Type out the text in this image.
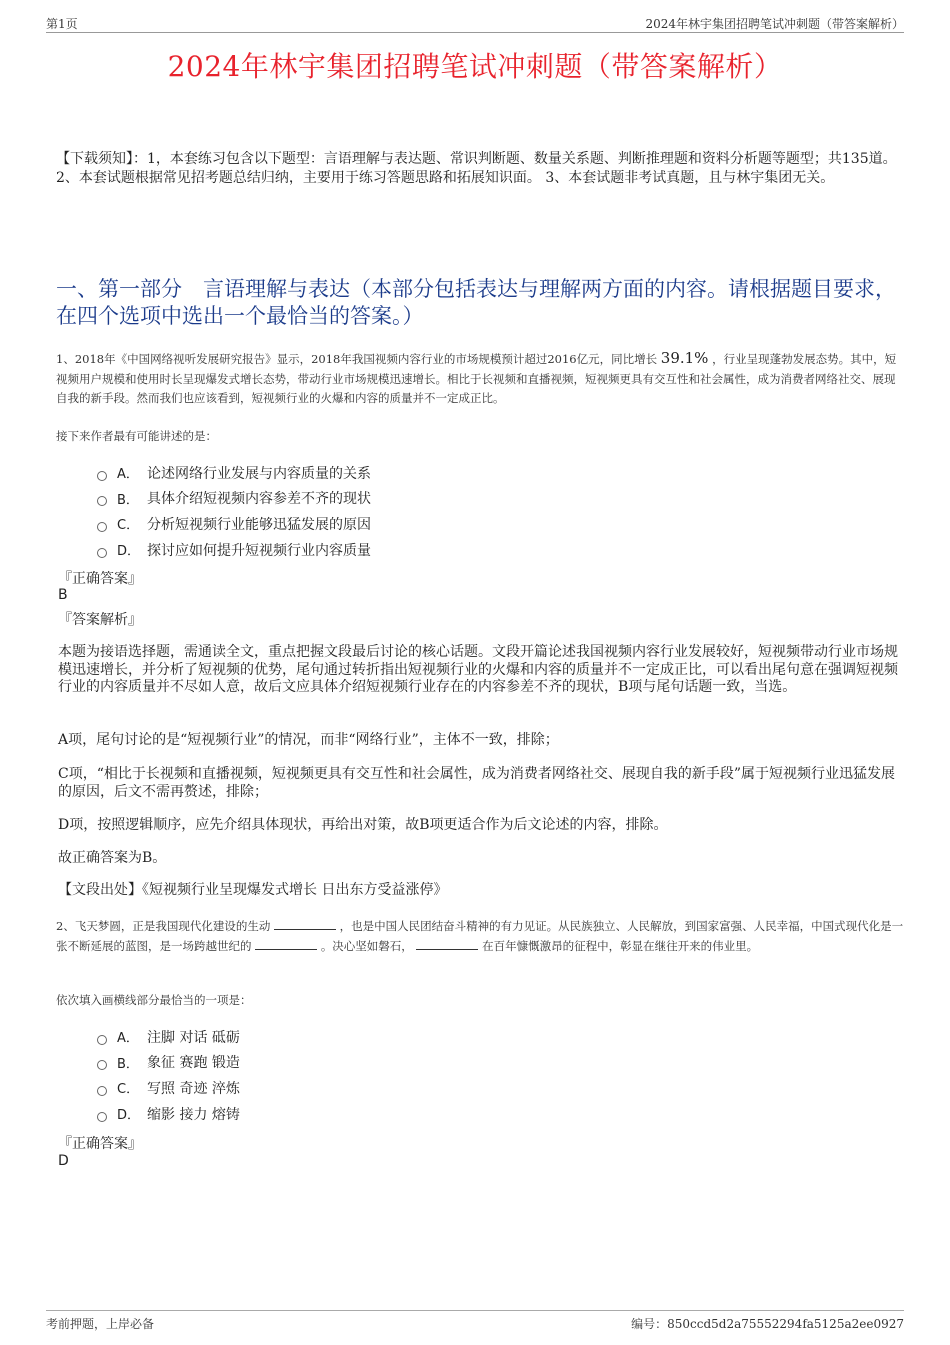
第1页	2024年林宇集团招聘笔试冲刺题（带答案解析）
2024年林宇集团招聘笔试冲刺题（带答案解析）
【下载须知】：1，本套练习包含以下题型：言语理解与表达题、常识判断题、数量关系题、判断推理题和资料分析题等题型；共135道。 2、本套试题根据常见招考题总结归纳，主要用于练习答题思路和拓展知识面。 3、本套试题非考试真题，且与林宇集团无关。
一、第一部分　言语理解与表达（本部分包括表达与理解两方面的内容。请根据题目要求，在四个选项中选出一个最恰当的答案。）
1、2018年《中国网络视听发展研究报告》显示，2018年我国视频内容行业的市场规模预计超过2016亿元，同比增长 39.1% ，行业呈现蓬勃发展态势。其中，短视频用户规模和使用时长呈现爆发式增长态势，带动行业市场规模迅速增长。相比于长视频和直播视频，短视频更具有交互性和社会属性，成为消费者网络社交、展现自我的新手段。然而我们也应该看到，短视频行业的火爆和内容的质量并不一定成正比。
接下来作者最有可能讲述的是：
A． 论述网络行业发展与内容质量的关系
B． 具体介绍短视频内容参差不齐的现状
C． 分析短视频行业能够迅猛发展的原因
D． 探讨应如何提升短视频行业内容质量
『正确答案』
B
『答案解析』
本题为接语选择题，需通读全文，重点把握文段最后讨论的核心话题。文段开篇论述我国视频内容行业发展较好，短视频带动行业市场规模迅速增长，并分析了短视频的优势，尾句通过转折指出短视频行业的火爆和内容的质量并不一定成正比，可以看出尾句意在强调短视频行业的内容质量并不尽如人意，故后文应具体介绍短视频行业存在的内容参差不齐的现状，B项与尾句话题一致，当选。
A项，尾句讨论的是“短视频行业”的情况，而非“网络行业”，主体不一致，排除；
C项，“相比于长视频和直播视频，短视频更具有交互性和社会属性，成为消费者网络社交、展现自我的新手段”属于短视频行业迅猛发展的原因，后文不需再赘述，排除；
D项，按照逻辑顺序，应先介绍具体现状，再给出对策，故B项更适合作为后文论述的内容，排除。
故正确答案为B。
【文段出处】《短视频行业呈现爆发式增长 日出东方受益涨停》
2、飞天梦圆，正是我国现代化建设的生动	，也是中国人民团结奋斗精神的有力见证。从民族独立、人民解放，到国家富强、人民幸福，中国式现代化是一张不断延展的蓝图，是一场跨越世纪的	。决心坚如磐石，	在百年慷慨激昂的征程中，彰显在继往开来的伟业里。
依次填入画横线部分最恰当的一项是：
A． 注脚 对话 砥砺
B． 象征 赛跑 锻造
C． 写照 奇迹 淬炼
D． 缩影 接力 熔铸
『正确答案』
D
考前押题，上岸必备	编号：850ccd5d2a75552294fa5125a2ee0927
